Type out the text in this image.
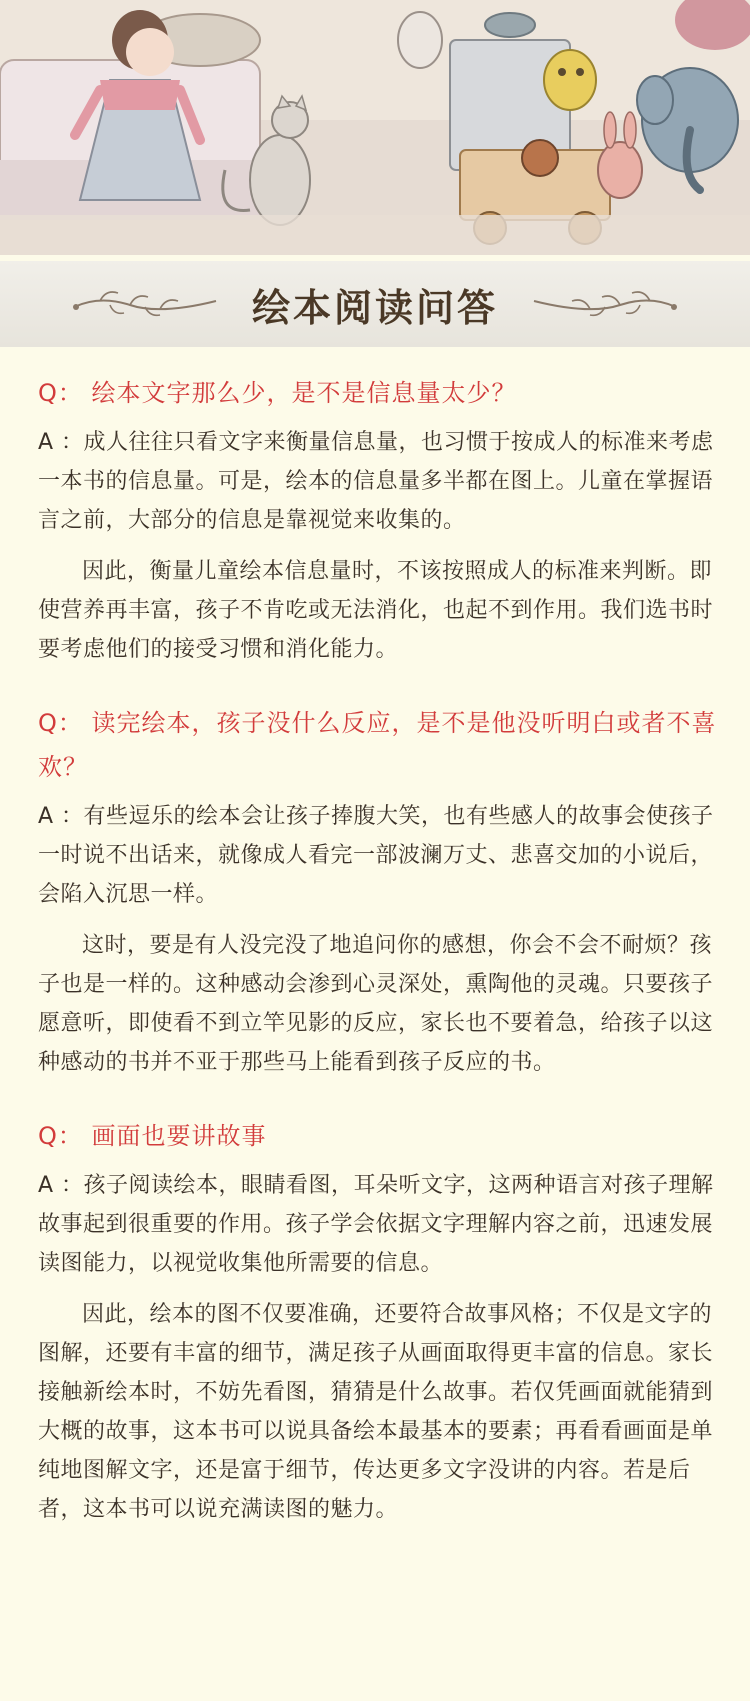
绘本阅读问答

Q： 绘本文字那么少，是不是信息量太少？

A ：成人往往只看文字来衡量信息量，也习惯于按成人的标准来考虑一本书的信息量。可是，绘本的信息量多半都在图上。儿童在掌握语言之前，大部分的信息是靠视觉来收集的。

因此，衡量儿童绘本信息量时，不该按照成人的标准来判断。即使营养再丰富，孩子不肯吃或无法消化，也起不到作用。我们选书时要考虑他们的接受习惯和消化能力。

Q： 读完绘本，孩子没什么反应，是不是他没听明白或者不喜欢？

A ：有些逗乐的绘本会让孩子捧腹大笑，也有些感人的故事会使孩子一时说不出话来，就像成人看完一部波澜万丈、悲喜交加的小说后，会陷入沉思一样。

这时，要是有人没完没了地追问你的感想，你会不会不耐烦？孩子也是一样的。这种感动会渗到心灵深处，熏陶他的灵魂。只要孩子愿意听，即使看不到立竿见影的反应，家长也不要着急，给孩子以这种感动的书并不亚于那些马上能看到孩子反应的书。

Q： 画面也要讲故事

A ：孩子阅读绘本，眼睛看图，耳朵听文字，这两种语言对孩子理解故事起到很重要的作用。孩子学会依据文字理解内容之前，迅速发展读图能力，以视觉收集他所需要的信息。

因此，绘本的图不仅要准确，还要符合故事风格；不仅是文字的图解，还要有丰富的细节，满足孩子从画面取得更丰富的信息。家长接触新绘本时，不妨先看图，猜猜是什么故事。若仅凭画面就能猜到大概的故事，这本书可以说具备绘本最基本的要素；再看看画面是单纯地图解文字，还是富于细节，传达更多文字没讲的内容。若是后者，这本书可以说充满读图的魅力。
